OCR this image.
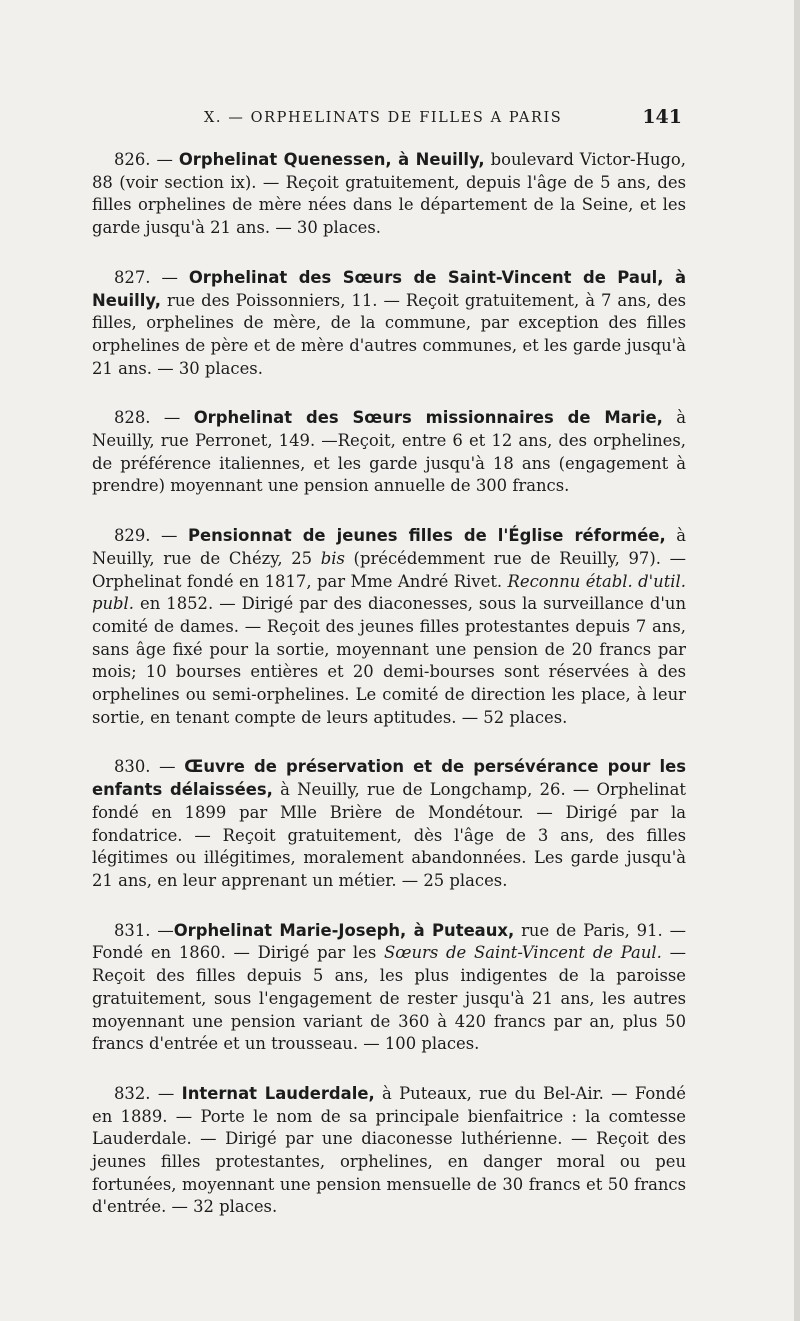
X. — ORPHELINATS DE FILLES A PARIS	141

826. — Orphelinat Quenessen, à Neuilly, boulevard Victor-Hugo, 88 (voir section ix). — Reçoit gratuitement, depuis l'âge de 5 ans, des filles orphelines de mère nées dans le département de la Seine, et les garde jusqu'à 21 ans. — 30 places.

827. — Orphelinat des Sœurs de Saint-Vincent de Paul, à Neuilly, rue des Poissonniers, 11. — Reçoit gratuitement, à 7 ans, des filles, orphelines de mère, de la commune, par exception des filles orphelines de père et de mère d'autres communes, et les garde jusqu'à 21 ans. — 30 places.

828. — Orphelinat des Sœurs missionnaires de Marie, à Neuilly, rue Perronet, 149. —Reçoit, entre 6 et 12 ans, des orphelines, de préférence italiennes, et les garde jusqu'à 18 ans (engagement à prendre) moyennant une pension annuelle de 300 francs.

829. — Pensionnat de jeunes filles de l'Église réformée, à Neuilly, rue de Chézy, 25 bis (précédemment rue de Reuilly, 97). — Orphelinat fondé en 1817, par Mme André Rivet. Reconnu établ. d'util. publ. en 1852. — Dirigé par des diaconesses, sous la surveillance d'un comité de dames. — Reçoit des jeunes filles protestantes depuis 7 ans, sans âge fixé pour la sortie, moyennant une pension de 20 francs par mois; 10 bourses entières et 20 demi-bourses sont réservées à des orphelines ou semi-orphelines. Le comité de direction les place, à leur sortie, en tenant compte de leurs aptitudes. — 52 places.

830. — Œuvre de préservation et de persévérance pour les enfants délaissées, à Neuilly, rue de Longchamp, 26. — Orphelinat fondé en 1899 par Mlle Brière de Mondétour. — Dirigé par la fondatrice. — Reçoit gratuitement, dès l'âge de 3 ans, des filles légitimes ou illégitimes, moralement abandonnées. Les garde jusqu'à 21 ans, en leur apprenant un métier. — 25 places.

831. —Orphelinat Marie-Joseph, à Puteaux, rue de Paris, 91. — Fondé en 1860. — Dirigé par les Sœurs de Saint-Vincent de Paul. — Reçoit des filles depuis 5 ans, les plus indigentes de la paroisse gratuitement, sous l'engagement de rester jusqu'à 21 ans, les autres moyennant une pension variant de 360 à 420 francs par an, plus 50 francs d'entrée et un trousseau. — 100 places.

832. — Internat Lauderdale, à Puteaux, rue du Bel-Air. — Fondé en 1889. — Porte le nom de sa principale bienfaitrice : la comtesse Lauderdale. — Dirigé par une diaconesse luthérienne. — Reçoit des jeunes filles protestantes, orphelines, en danger moral ou peu fortunées, moyennant une pension mensuelle de 30 francs et 50 francs d'entrée. — 32 places.
